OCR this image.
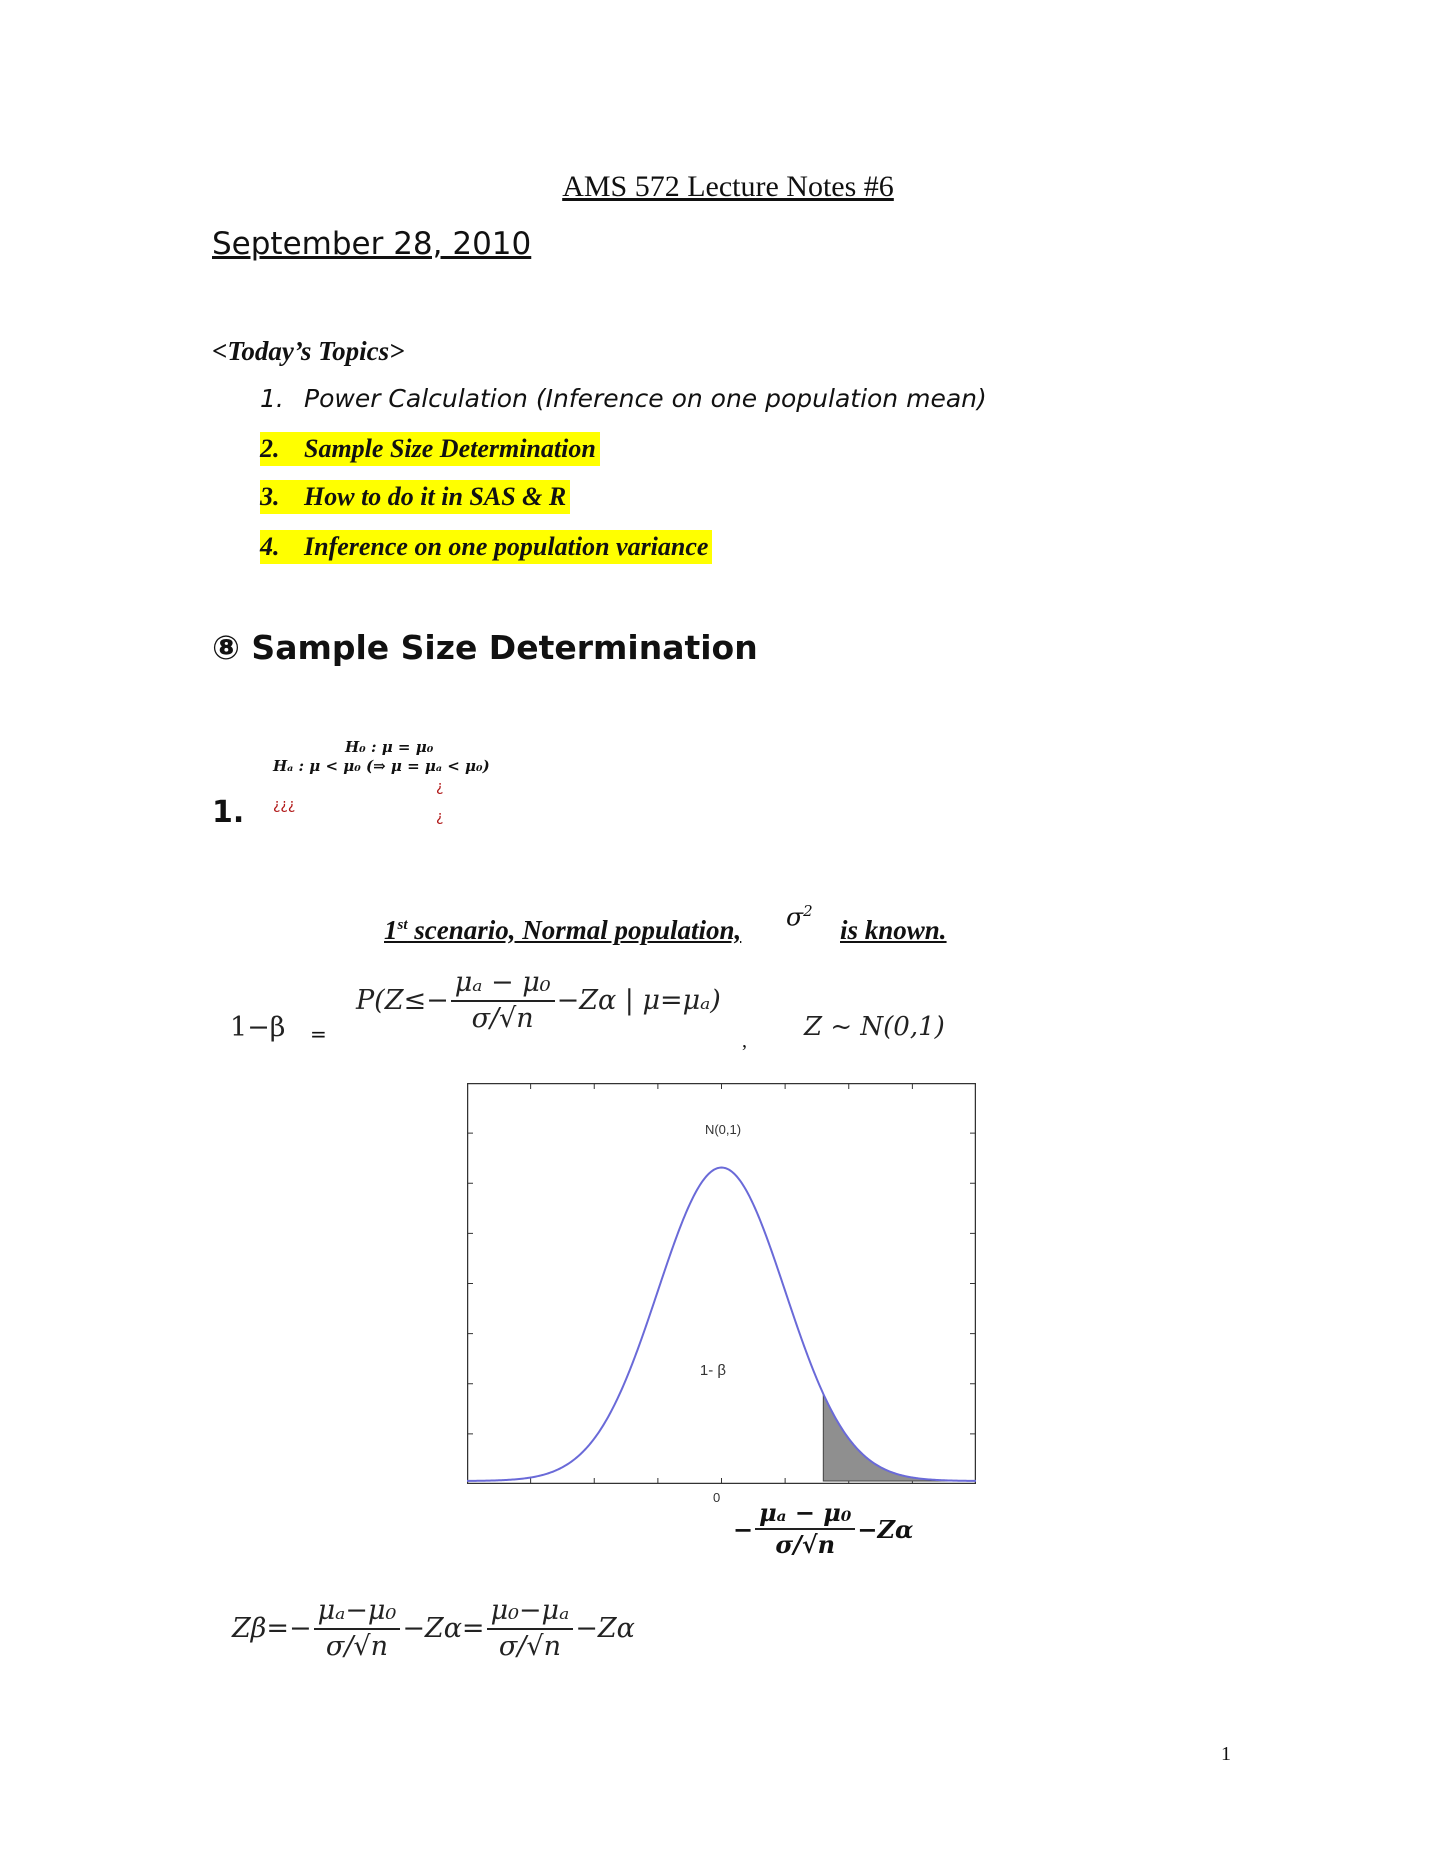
AMS 572 Lecture Notes #6
September 28, 2010
<Today’s Topics>
1. Power Calculation (Inference on one population mean)
2. Sample Size Determination
3. How to do it in SAS & R
4. Inference on one population variance
⑧ Sample Size Determination
H₀ : μ = μ₀
Hₐ : μ < μ₀ (⇒ μ = μₐ < μ₀)
¿
1. ¿¿¿
¿
1st scenario, Normal population, $\sigma^2$
is known.
1−β =
$P(Z\le- \frac{\text{μₐ − μ₀}}{\sigma/√n} -Z\alpha$ | μ=μₐ)
, Z ~ N(0,1)
N(0,1)
1- β
0
− $\frac{\text{μₐ − μ₀}}{\sigma/√n} -Z\alpha$
$Z\beta=- \frac{\text{μₐ−μ₀}}{\sigma/√n} -Z\alpha= \frac{\text{μ₀−μₐ}}{\sigma/√n} -Z\alpha$
1
